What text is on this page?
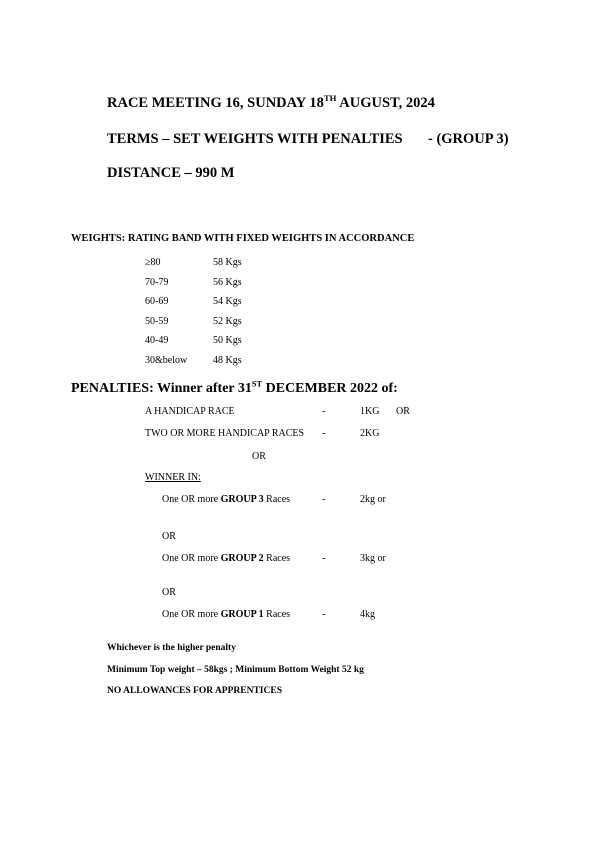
RACE MEETING 16, SUNDAY 18TH AUGUST, 2024
TERMS – SET WEIGHTS WITH PENALTIES - (GROUP 3)
DISTANCE – 990 M
WEIGHTS: RATING BAND WITH FIXED WEIGHTS IN ACCORDANCE
≥80	58 Kgs
70-79	56 Kgs
60-69	54 Kgs
50-59	52 Kgs
40-49	50 Kgs
30&below	48 Kgs
PENALTIES: Winner after 31ST DECEMBER 2022 of:
A HANDICAP RACE	-	1KG OR
TWO OR MORE HANDICAP RACES -	2KG
OR
WINNER IN:
One OR more GROUP 3 Races	-	2kg or
OR
One OR more GROUP 2 Races	-	3kg or
OR
One OR more GROUP 1 Races	-	4kg
Whichever is the higher penalty
Minimum Top weight – 58kgs ; Minimum Bottom Weight 52 kg
NO ALLOWANCES FOR APPRENTICES
